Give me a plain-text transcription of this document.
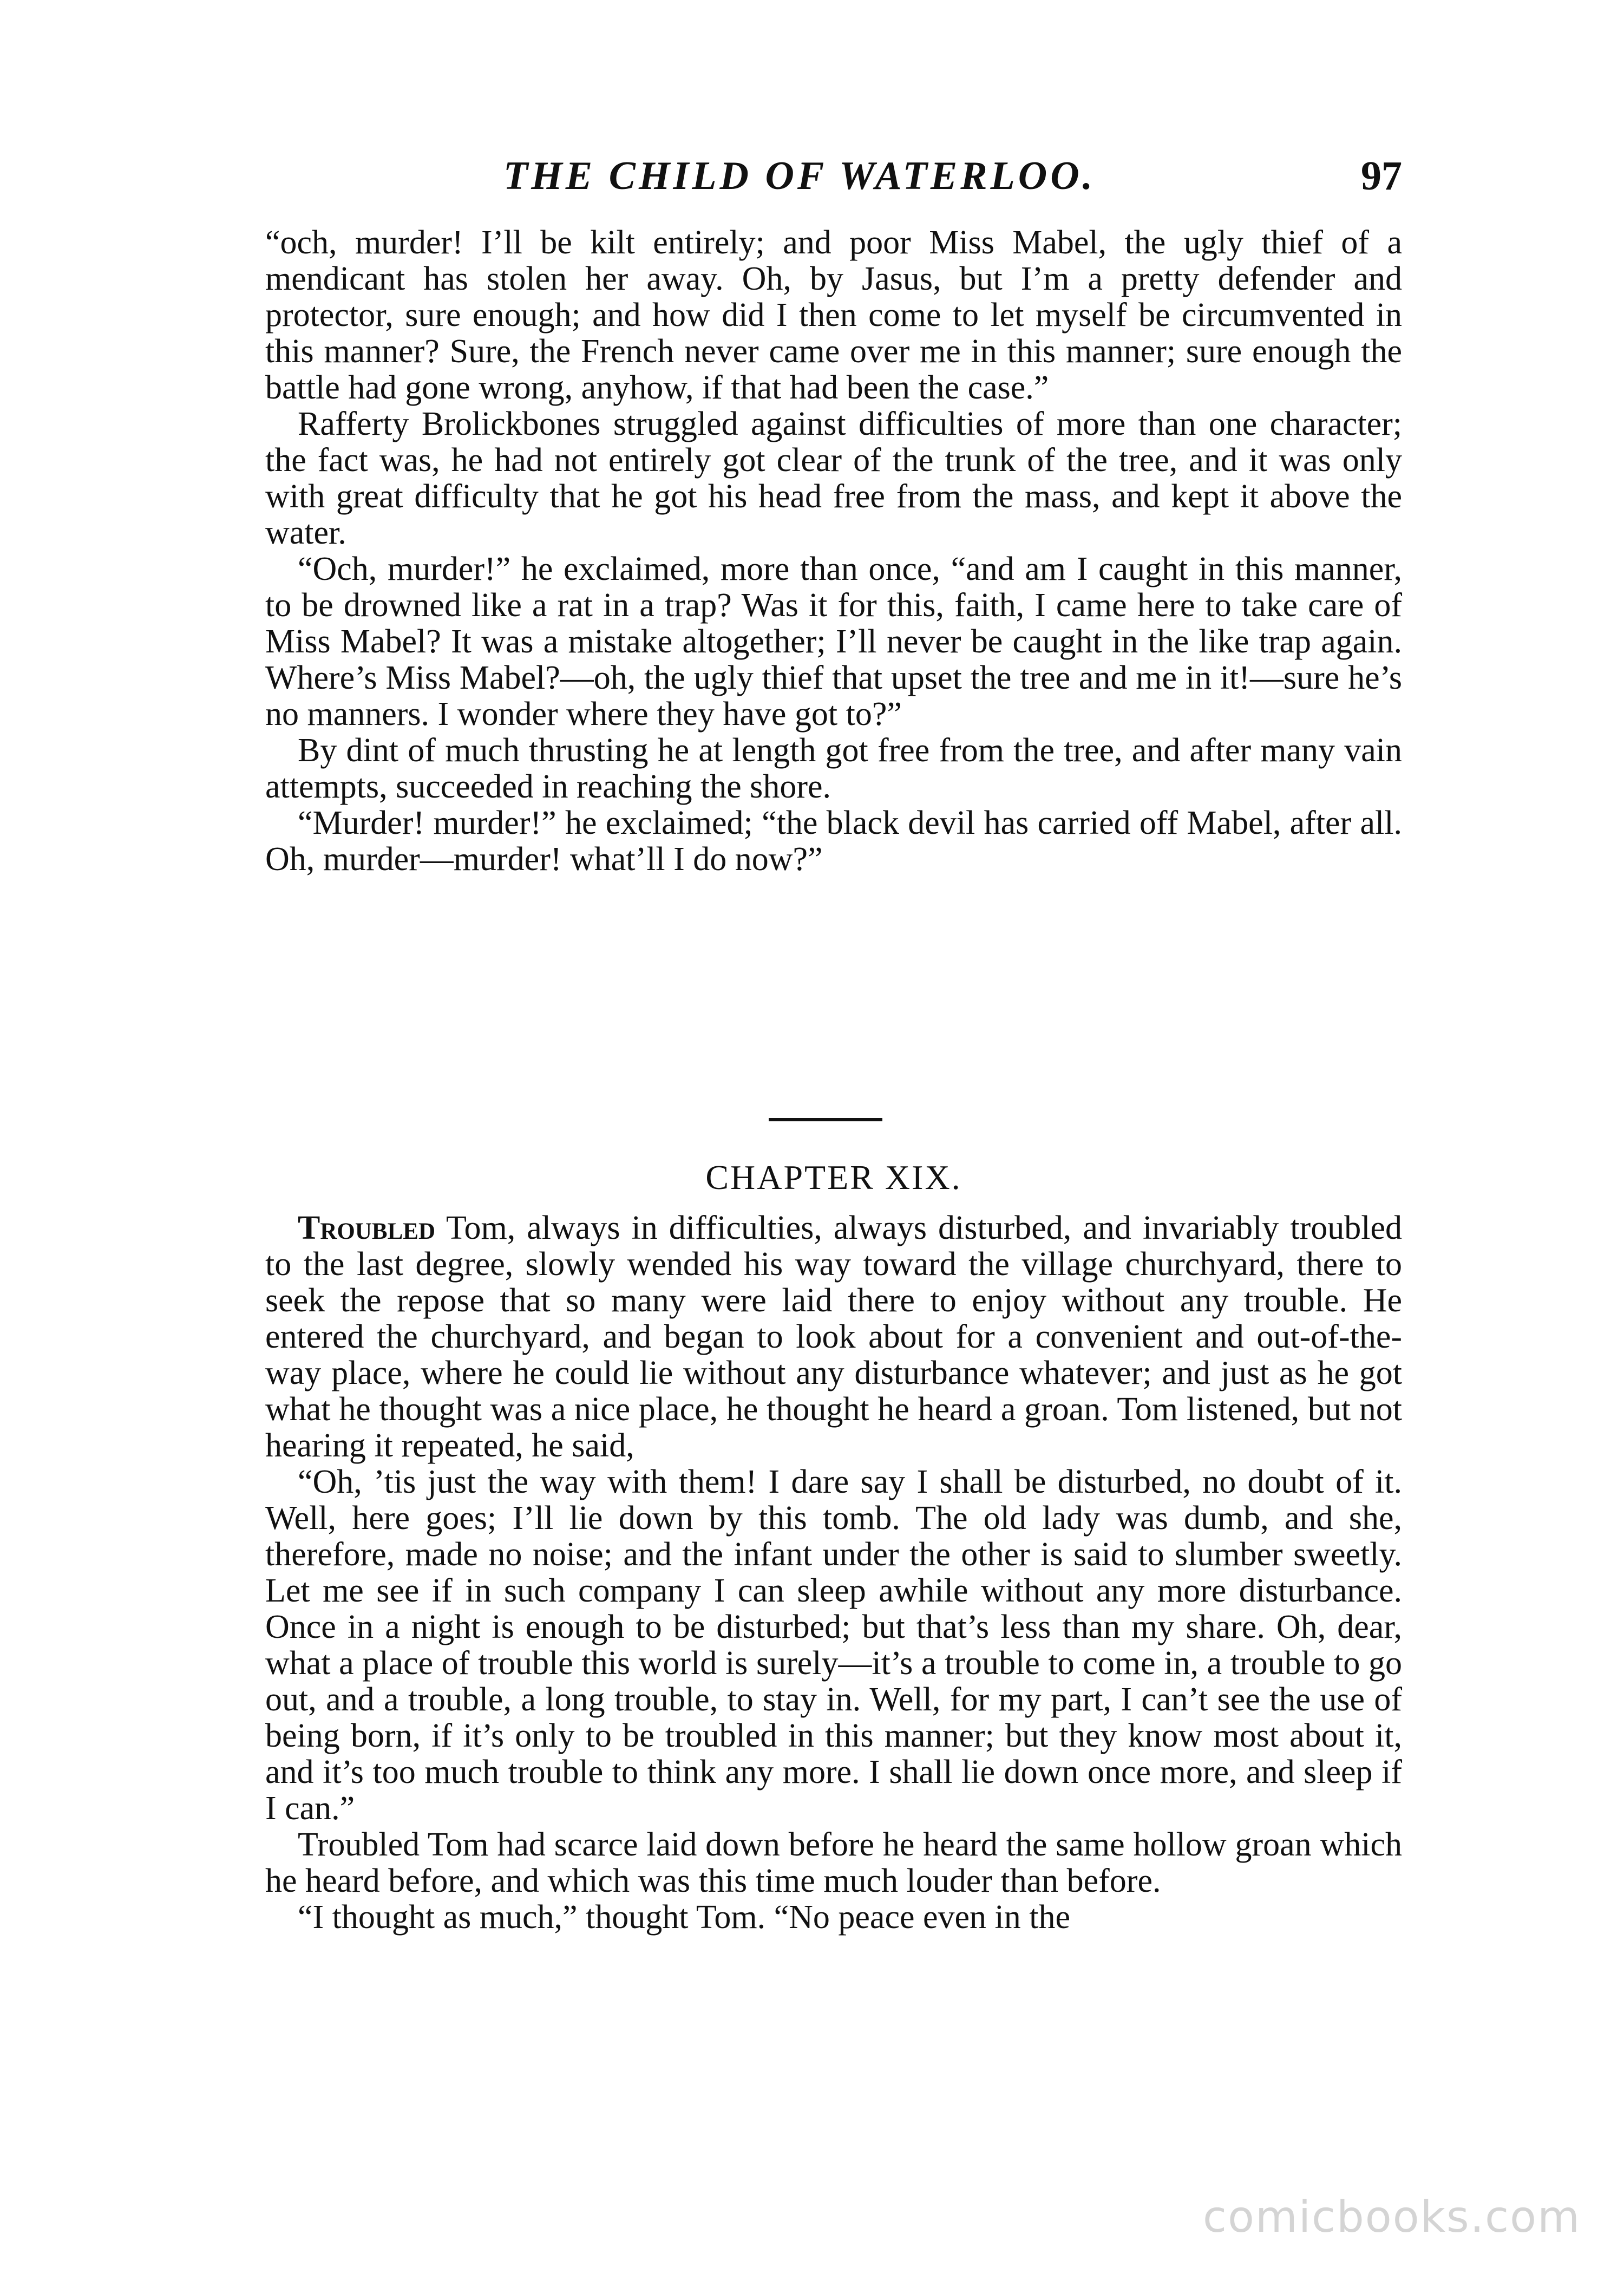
THE CHILD OF WATERLOO.	97

“och, murder! I’ll be kilt entirely; and poor Miss Mabel, the ugly thief of a mendicant has stolen her away. Oh, by Jasus, but I’m a pretty defender and protector, sure enough; and how did I then come to let myself be circumvented in this manner? Sure, the French never came over me in this manner; sure enough the battle had gone wrong, anyhow, if that had been the case.”

Rafferty Brolickbones struggled against difficulties of more than one character; the fact was, he had not entirely got clear of the trunk of the tree, and it was only with great difficulty that he got his head free from the mass, and kept it above the water.

“Och, murder!” he exclaimed, more than once, “and am I caught in this manner, to be drowned like a rat in a trap? Was it for this, faith, I came here to take care of Miss Mabel? It was a mistake altogether; I’ll never be caught in the like trap again. Where’s Miss Mabel?—oh, the ugly thief that upset the tree and me in it!—sure he’s no manners. I wonder where they have got to?”

By dint of much thrusting he at length got free from the tree, and after many vain attempts, succeeded in reaching the shore.

“Murder! murder!” he exclaimed; “the black devil has carried off Mabel, after all. Oh, murder—murder! what’ll I do now?”

CHAPTER XIX.

Troubled Tom, always in difficulties, always disturbed, and invariably troubled to the last degree, slowly wended his way toward the village churchyard, there to seek the repose that so many were laid there to enjoy without any trouble. He entered the churchyard, and began to look about for a convenient and out-of-the-way place, where he could lie without any disturbance whatever; and just as he got what he thought was a nice place, he thought he heard a groan. Tom listened, but not hearing it repeated, he said,

“Oh, ’tis just the way with them! I dare say I shall be disturbed, no doubt of it. Well, here goes; I’ll lie down by this tomb. The old lady was dumb, and she, therefore, made no noise; and the infant under the other is said to slumber sweetly. Let me see if in such company I can sleep awhile without any more disturbance. Once in a night is enough to be disturbed; but that’s less than my share. Oh, dear, what a place of trouble this world is surely—it’s a trouble to come in, a trouble to go out, and a trouble, a long trouble, to stay in. Well, for my part, I can’t see the use of being born, if it’s only to be troubled in this manner; but they know most about it, and it’s too much trouble to think any more. I shall lie down once more, and sleep if I can.”

Troubled Tom had scarce laid down before he heard the same hollow groan which he heard before, and which was this time much louder than before.

“I thought as much,” thought Tom. “No peace even in the

comicbooks.com
